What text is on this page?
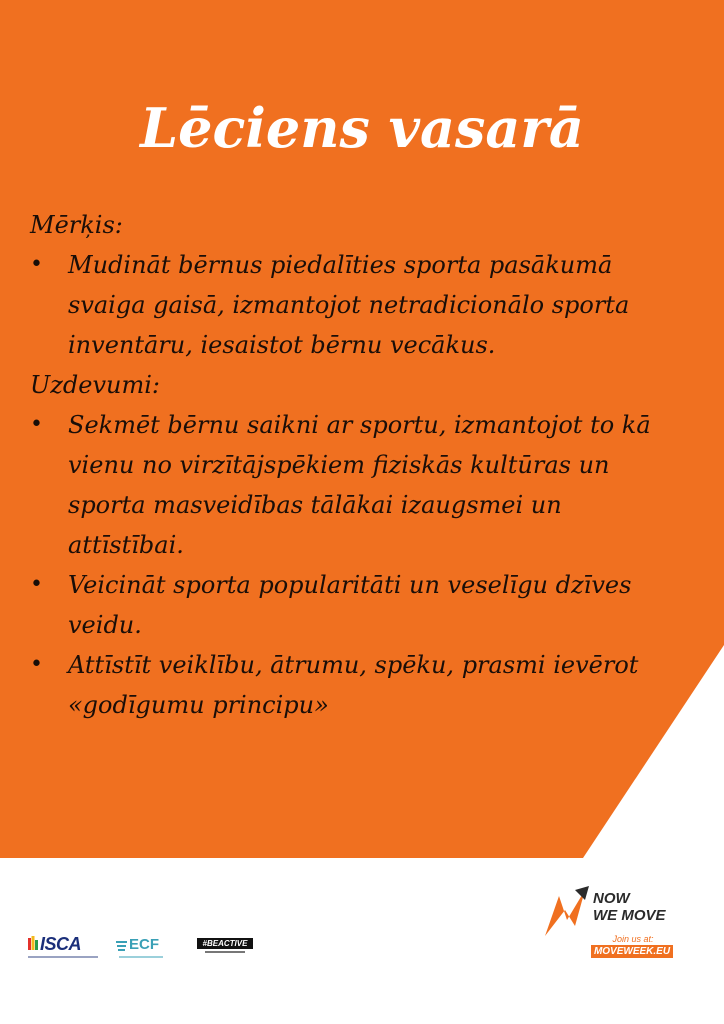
Lēciens vasarā

Mērķis:

• Mudināt bērnus piedalīties sporta pasākumā svaiga gaisā, izmantojot netradicionālo sporta inventāru, iesaistot bērnu vecākus.

Uzdevumi:

• Sekmēt bērnu saikni ar sportu, izmantojot to kā vienu no virzītājspēkiem fiziskās kultūras un sporta masveidības tālākai izaugsmei un attīstībai.
• Veicināt sporta popularitāti un veselīgu dzīves veidu.
• Attīstīt veiklību, ātrumu, spēku, prasmi ievērot «godīgumu principu»
ISCA	ECF	#BEACTIVE
NOW
WE MOVE
Join us at:
MOVEWEEK.EU
